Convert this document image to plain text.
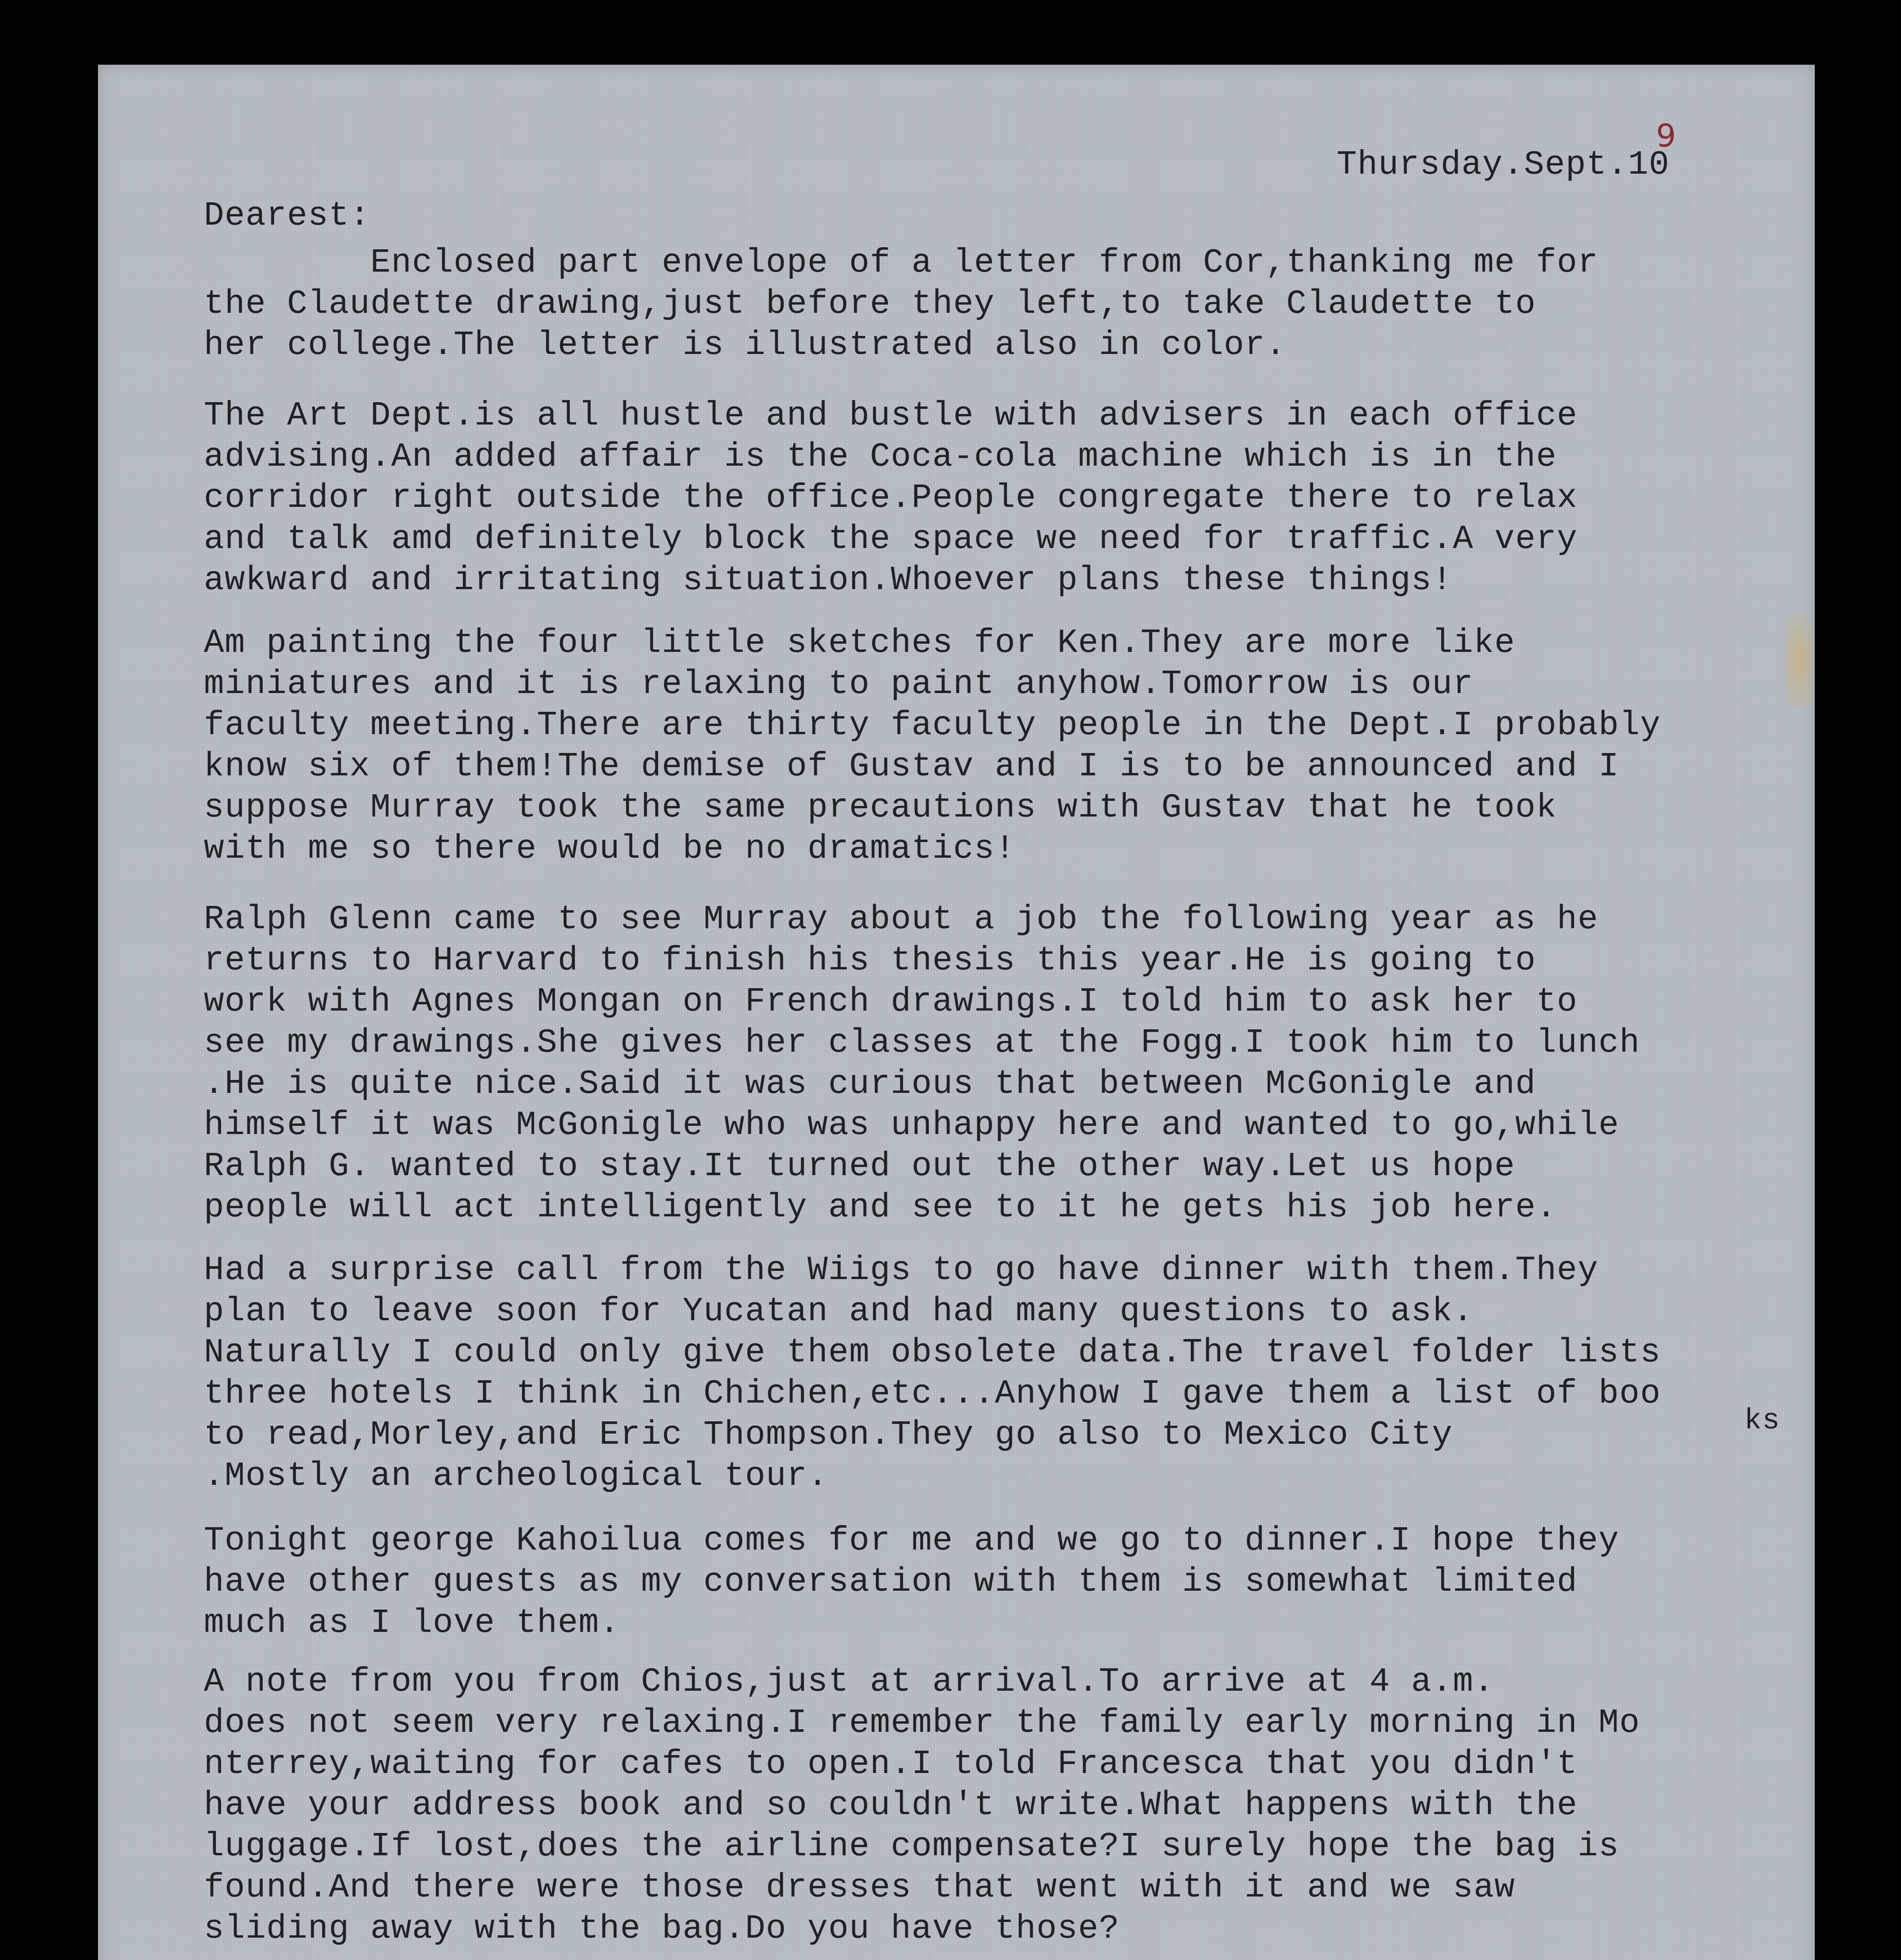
Thursday.Sept.10
9
Dearest:
Enclosed part envelope of a letter from Cor,thanking me for
the Claudette drawing,just before they left,to take Claudette to
her college.The letter is illustrated also in color.
The Art Dept.is all hustle and bustle with advisers in each office
advising.An added affair is the Coca-cola machine which is in the
corridor right outside the office.People congregate there to relax
and talk amd definitely block the space we need for traffic.A very
awkward and irritating situation.Whoever plans these things!
Am painting the four little sketches for Ken.They are more like
miniatures and it is relaxing to paint anyhow.Tomorrow is our
faculty meeting.There are thirty faculty people in the Dept.I probably
know six of them!The demise of Gustav and I is to be announced and I
suppose Murray took the same precautions with Gustav that he took
with me so there would be no dramatics!
Ralph Glenn came to see Murray about a job the following year as he
returns to Harvard to finish his thesis this year.He is going to
work with Agnes Mongan on French drawings.I told him to ask her to
see my drawings.She gives her classes at the Fogg.I took him to lunch
.He is quite nice.Said it was curious that between McGonigle and
himself it was McGonigle who was unhappy here and wanted to go,while
Ralph G. wanted to stay.It turned out the other way.Let us hope
people will act intelligently and see to it he gets his job here.
Had a surprise call from the Wiigs to go have dinner with them.They
plan to leave soon for Yucatan and had many questions to ask.
Naturally I could only give them obsolete data.The travel folder lists
three hotels I think in Chichen,etc...Anyhow I gave them a list of boo
to read,Morley,and Eric Thompson.They go also to Mexico City
.Mostly an archeological tour.
ks
Tonight george Kahoilua comes for me and we go to dinner.I hope they
have other guests as my conversation with them is somewhat limited
much as I love them.
A note from you from Chios,just at arrival.To arrive at 4 a.m.
does not seem very relaxing.I remember the family early morning in Mo
nterrey,waiting for cafes to open.I told Francesca that you didn't
have your address book and so couldn't write.What happens with the
luggage.If lost,does the airline compensate?I surely hope the bag is
found.And there were those dresses that went with it and we saw
sliding away with the bag.Do you have those?
